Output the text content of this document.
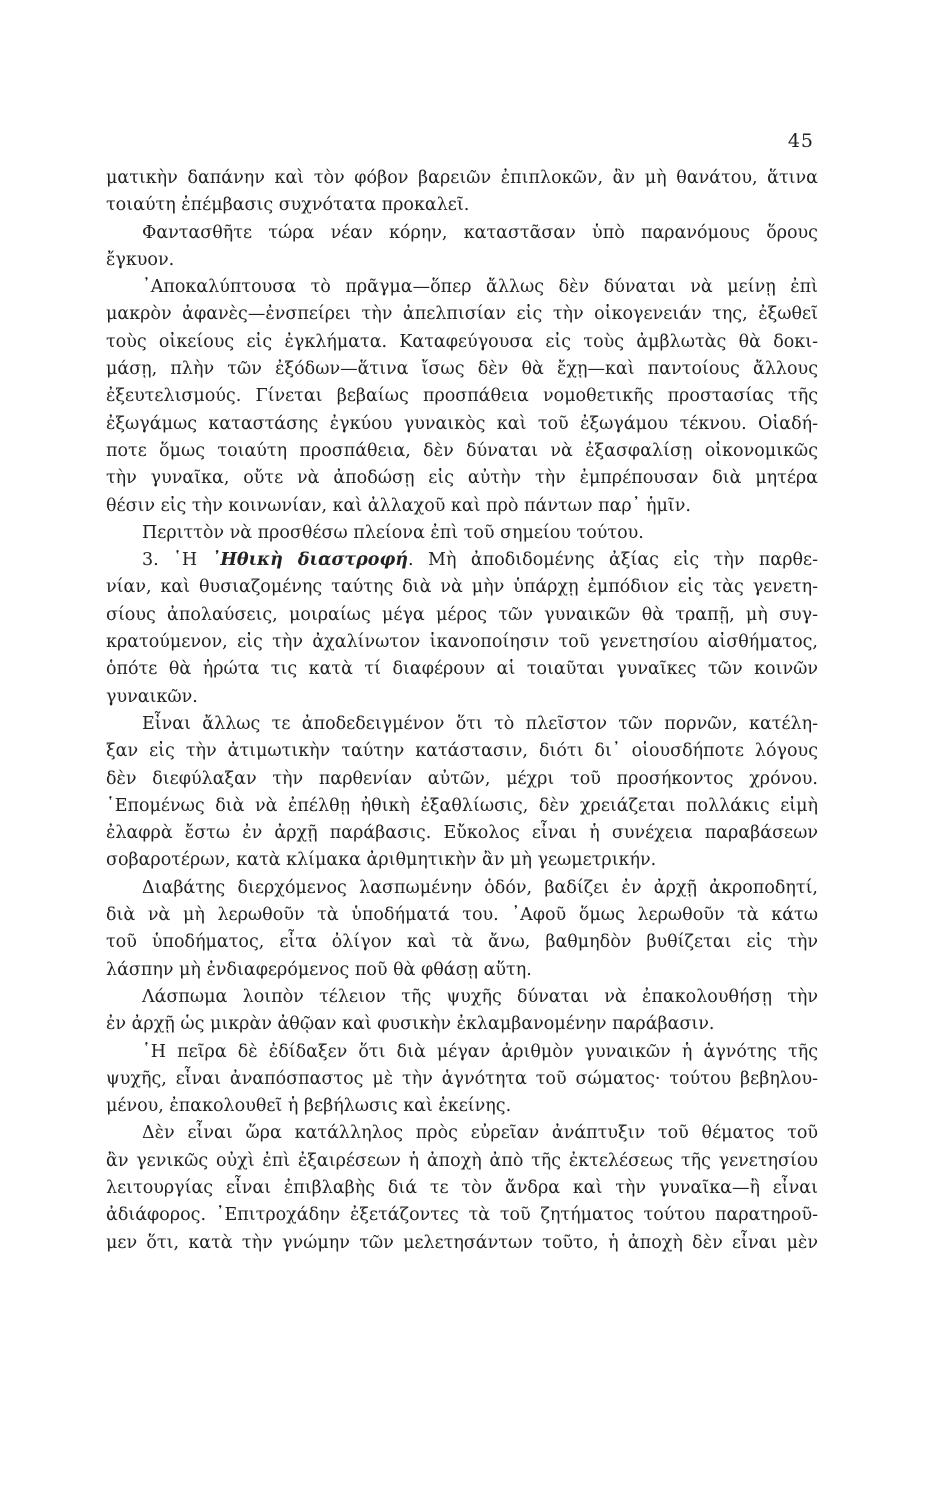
45
ματικὴν δαπάνην καὶ τὸν φόβον βαρειῶν ἐπιπλοκῶν, ἂν μὴ θανάτου, ἅτινα
τοιαύτη ἐπέμβασις συχνότατα προκαλεῖ.
Φαντασθῆτε τώρα νέαν κόρην, καταστᾶσαν ὑπὸ παρανόμους ὅρους
ἔγκυον.
᾿Αποκαλύπτουσα τὸ πρᾶγμα—ὅπερ ἄλλως δὲν δύναται νὰ μείνῃ ἐπὶ
μακρὸν ἀφανὲς—ἐνσπείρει τὴν ἀπελπισίαν εἰς τὴν οἰκογενειάν της, ἐξωθεῖ
τοὺς οἰκείους εἰς ἐγκλήματα. Καταφεύγουσα εἰς τοὺς ἀμβλωτὰς θὰ δοκι-
μάσῃ, πλὴν τῶν ἐξόδων—ἅτινα ἴσως δὲν θὰ ἔχῃ—καὶ παντοίους ἄλλους
ἐξευτελισμούς. Γίνεται βεβαίως προσπάθεια νομοθετικῆς προστασίας τῆς
ἐξωγάμως καταστάσης ἐγκύου γυναικὸς καὶ τοῦ ἐξωγάμου τέκνου. Οἱαδή-
ποτε ὅμως τοιαύτη προσπάθεια, δὲν δύναται νὰ ἐξασφαλίσῃ οἰκονομικῶς
τὴν γυναῖκα, οὔτε νὰ ἀποδώσῃ εἰς αὐτὴν τὴν ἐμπρέπουσαν διὰ μητέρα
θέσιν εἰς τὴν κοινωνίαν, καὶ ἀλλαχοῦ καὶ πρὸ πάντων παρ᾿ ἡμῖν.
Περιττὸν νὰ προσθέσω πλείονα ἐπὶ τοῦ σημείου τούτου.
3. ῾Η ᾿Ηθικὴ διαστροφή. Μὴ ἀποδιδομένης ἀξίας εἰς τὴν παρθε-
νίαν, καὶ θυσιαζομένης ταύτης διὰ νὰ μὴν ὑπάρχῃ ἐμπόδιον εἰς τὰς γενετη-
σίους ἀπολαύσεις, μοιραίως μέγα μέρος τῶν γυναικῶν θὰ τραπῇ, μὴ συγ-
κρατούμενον, εἰς τὴν ἀχαλίνωτον ἱκανοποίησιν τοῦ γενετησίου αἰσθήματος,
ὁπότε θὰ ἠρώτα τις κατὰ τί διαφέρουν αἱ τοιαῦται γυναῖκες τῶν κοινῶν
γυναικῶν.
Εἶναι ἄλλως τε ἀποδεδειγμένον ὅτι τὸ πλεῖστον τῶν πορνῶν, κατέλη-
ξαν εἰς τὴν ἀτιμωτικὴν ταύτην κατάστασιν, διότι δι᾿ οἱουσδήποτε λόγους
δὲν διεφύλαξαν τὴν παρθενίαν αὐτῶν, μέχρι τοῦ προσήκοντος χρόνου.
῾Επομένως διὰ νὰ ἐπέλθῃ ἠθικὴ ἐξαθλίωσις, δὲν χρειάζεται πολλάκις εἰμὴ
ἐλαφρὰ ἔστω ἐν ἀρχῇ παράβασις. Εὔκολος εἶναι ἡ συνέχεια παραβάσεων
σοβαροτέρων, κατὰ κλίμακα ἀριθμητικὴν ἂν μὴ γεωμετρικήν.
Διαβάτης διερχόμενος λασπωμένην ὁδόν, βαδίζει ἐν ἀρχῇ ἀκροποδητί,
διὰ νὰ μὴ λερωθοῦν τὰ ὑποδήματά του. ᾿Αφοῦ ὅμως λερωθοῦν τὰ κάτω
τοῦ ὑποδήματος, εἶτα ὀλίγον καὶ τὰ ἄνω, βαθμηδὸν βυθίζεται εἰς τὴν
λάσπην μὴ ἐνδιαφερόμενος ποῦ θὰ φθάσῃ αὕτη.
Λάσπωμα λοιπὸν τέλειον τῆς ψυχῆς δύναται νὰ ἐπακολουθήσῃ τὴν
ἐν ἀρχῇ ὡς μικρὰν ἀθῷαν καὶ φυσικὴν ἐκλαμβανομένην παράβασιν.
῾Η πεῖρα δὲ ἐδίδαξεν ὅτι διὰ μέγαν ἀριθμὸν γυναικῶν ἡ ἁγνότης τῆς
ψυχῆς, εἶναι ἀναπόσπαστος μὲ τὴν ἁγνότητα τοῦ σώματος· τούτου βεβηλου-
μένου, ἐπακολουθεῖ ἡ βεβήλωσις καὶ ἐκείνης.
Δὲν εἶναι ὥρα κατάλληλος πρὸς εὐρεῖαν ἀνάπτυξιν τοῦ θέματος τοῦ
ἂν γενικῶς οὐχὶ ἐπὶ ἐξαιρέσεων ἡ ἀποχὴ ἀπὸ τῆς ἐκτελέσεως τῆς γενετησίου
λειτουργίας εἶναι ἐπιβλαβὴς διά τε τὸν ἄνδρα καὶ τὴν γυναῖκα—ἢ εἶναι
ἀδιάφορος. ᾿Επιτροχάδην ἐξετάζοντες τὰ τοῦ ζητήματος τούτου παρατηροῦ-
μεν ὅτι, κατὰ τὴν γνώμην τῶν μελετησάντων τοῦτο, ἡ ἀποχὴ δὲν εἶναι μὲν
